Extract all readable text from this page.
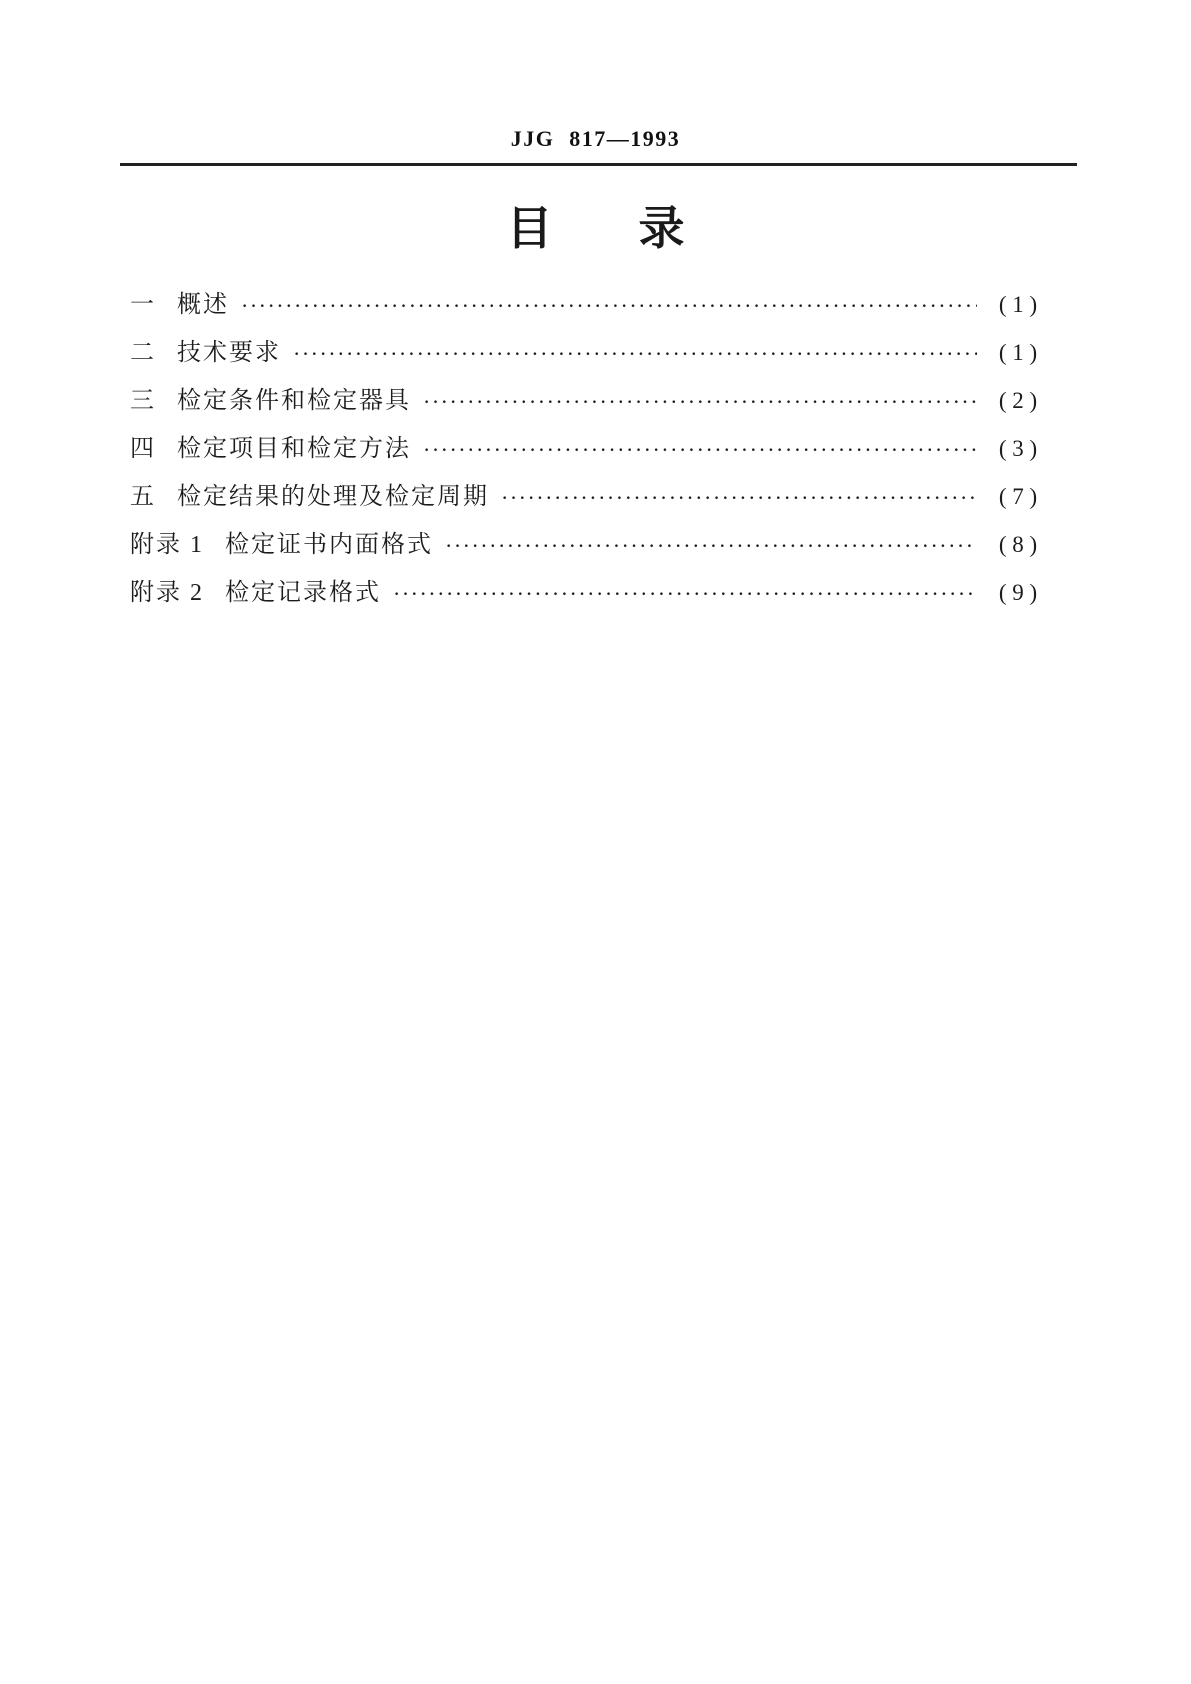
JJG 817—1993
目 录
一 概述 ·····	( 1 )
二 技术要求 ·····	( 1 )
三 检定条件和检定器具 ·····	( 2 )
四 检定项目和检定方法 ·····	( 3 )
五 检定结果的处理及检定周期 ·····	( 7 )
附录 1 检定证书内面格式 ·····	( 8 )
附录 2 检定记录格式 ·····	( 9 )
